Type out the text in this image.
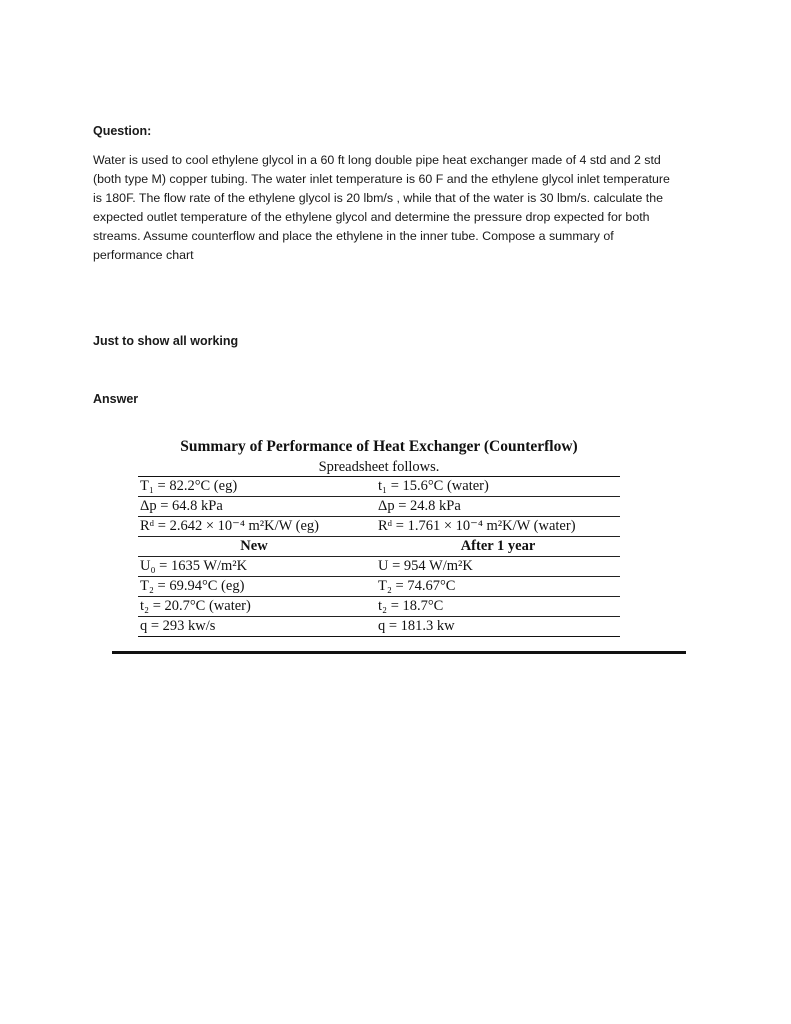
Question:
Water is used to cool ethylene glycol in a 60 ft long double pipe heat exchanger made of 4 std and 2 std
(both type M) copper tubing. The water inlet temperature is 60 F and the ethylene glycol inlet temperature
is 180F. The flow rate of the ethylene glycol is 20 lbm/s , while that of the water is 30 lbm/s. calculate the
expected outlet temperature of the ethylene glycol and determine the pressure drop expected for both
streams. Assume counterflow and place the ethylene in the inner tube. Compose a summary of
performance chart
Just to show all working
Answer
Summary of Performance of Heat Exchanger (Counterflow)
Spreadsheet follows.
T₁ = 82.2°C (eg)	t₁ = 15.6°C (water)
Δp = 64.8 kPa	Δp = 24.8 kPa
Rᵈ = 2.642 × 10⁻⁴ m²K/W (eg)	Rᵈ = 1.761 × 10⁻⁴ m²K/W (water)
New	After 1 year
U₀ = 1635 W/m²K	U = 954 W/m²K
T₂ = 69.94°C (eg)	T₂ = 74.67°C
t₂ = 20.7°C (water)	t₂ = 18.7°C
q = 293 kw/s	q = 181.3 kw
